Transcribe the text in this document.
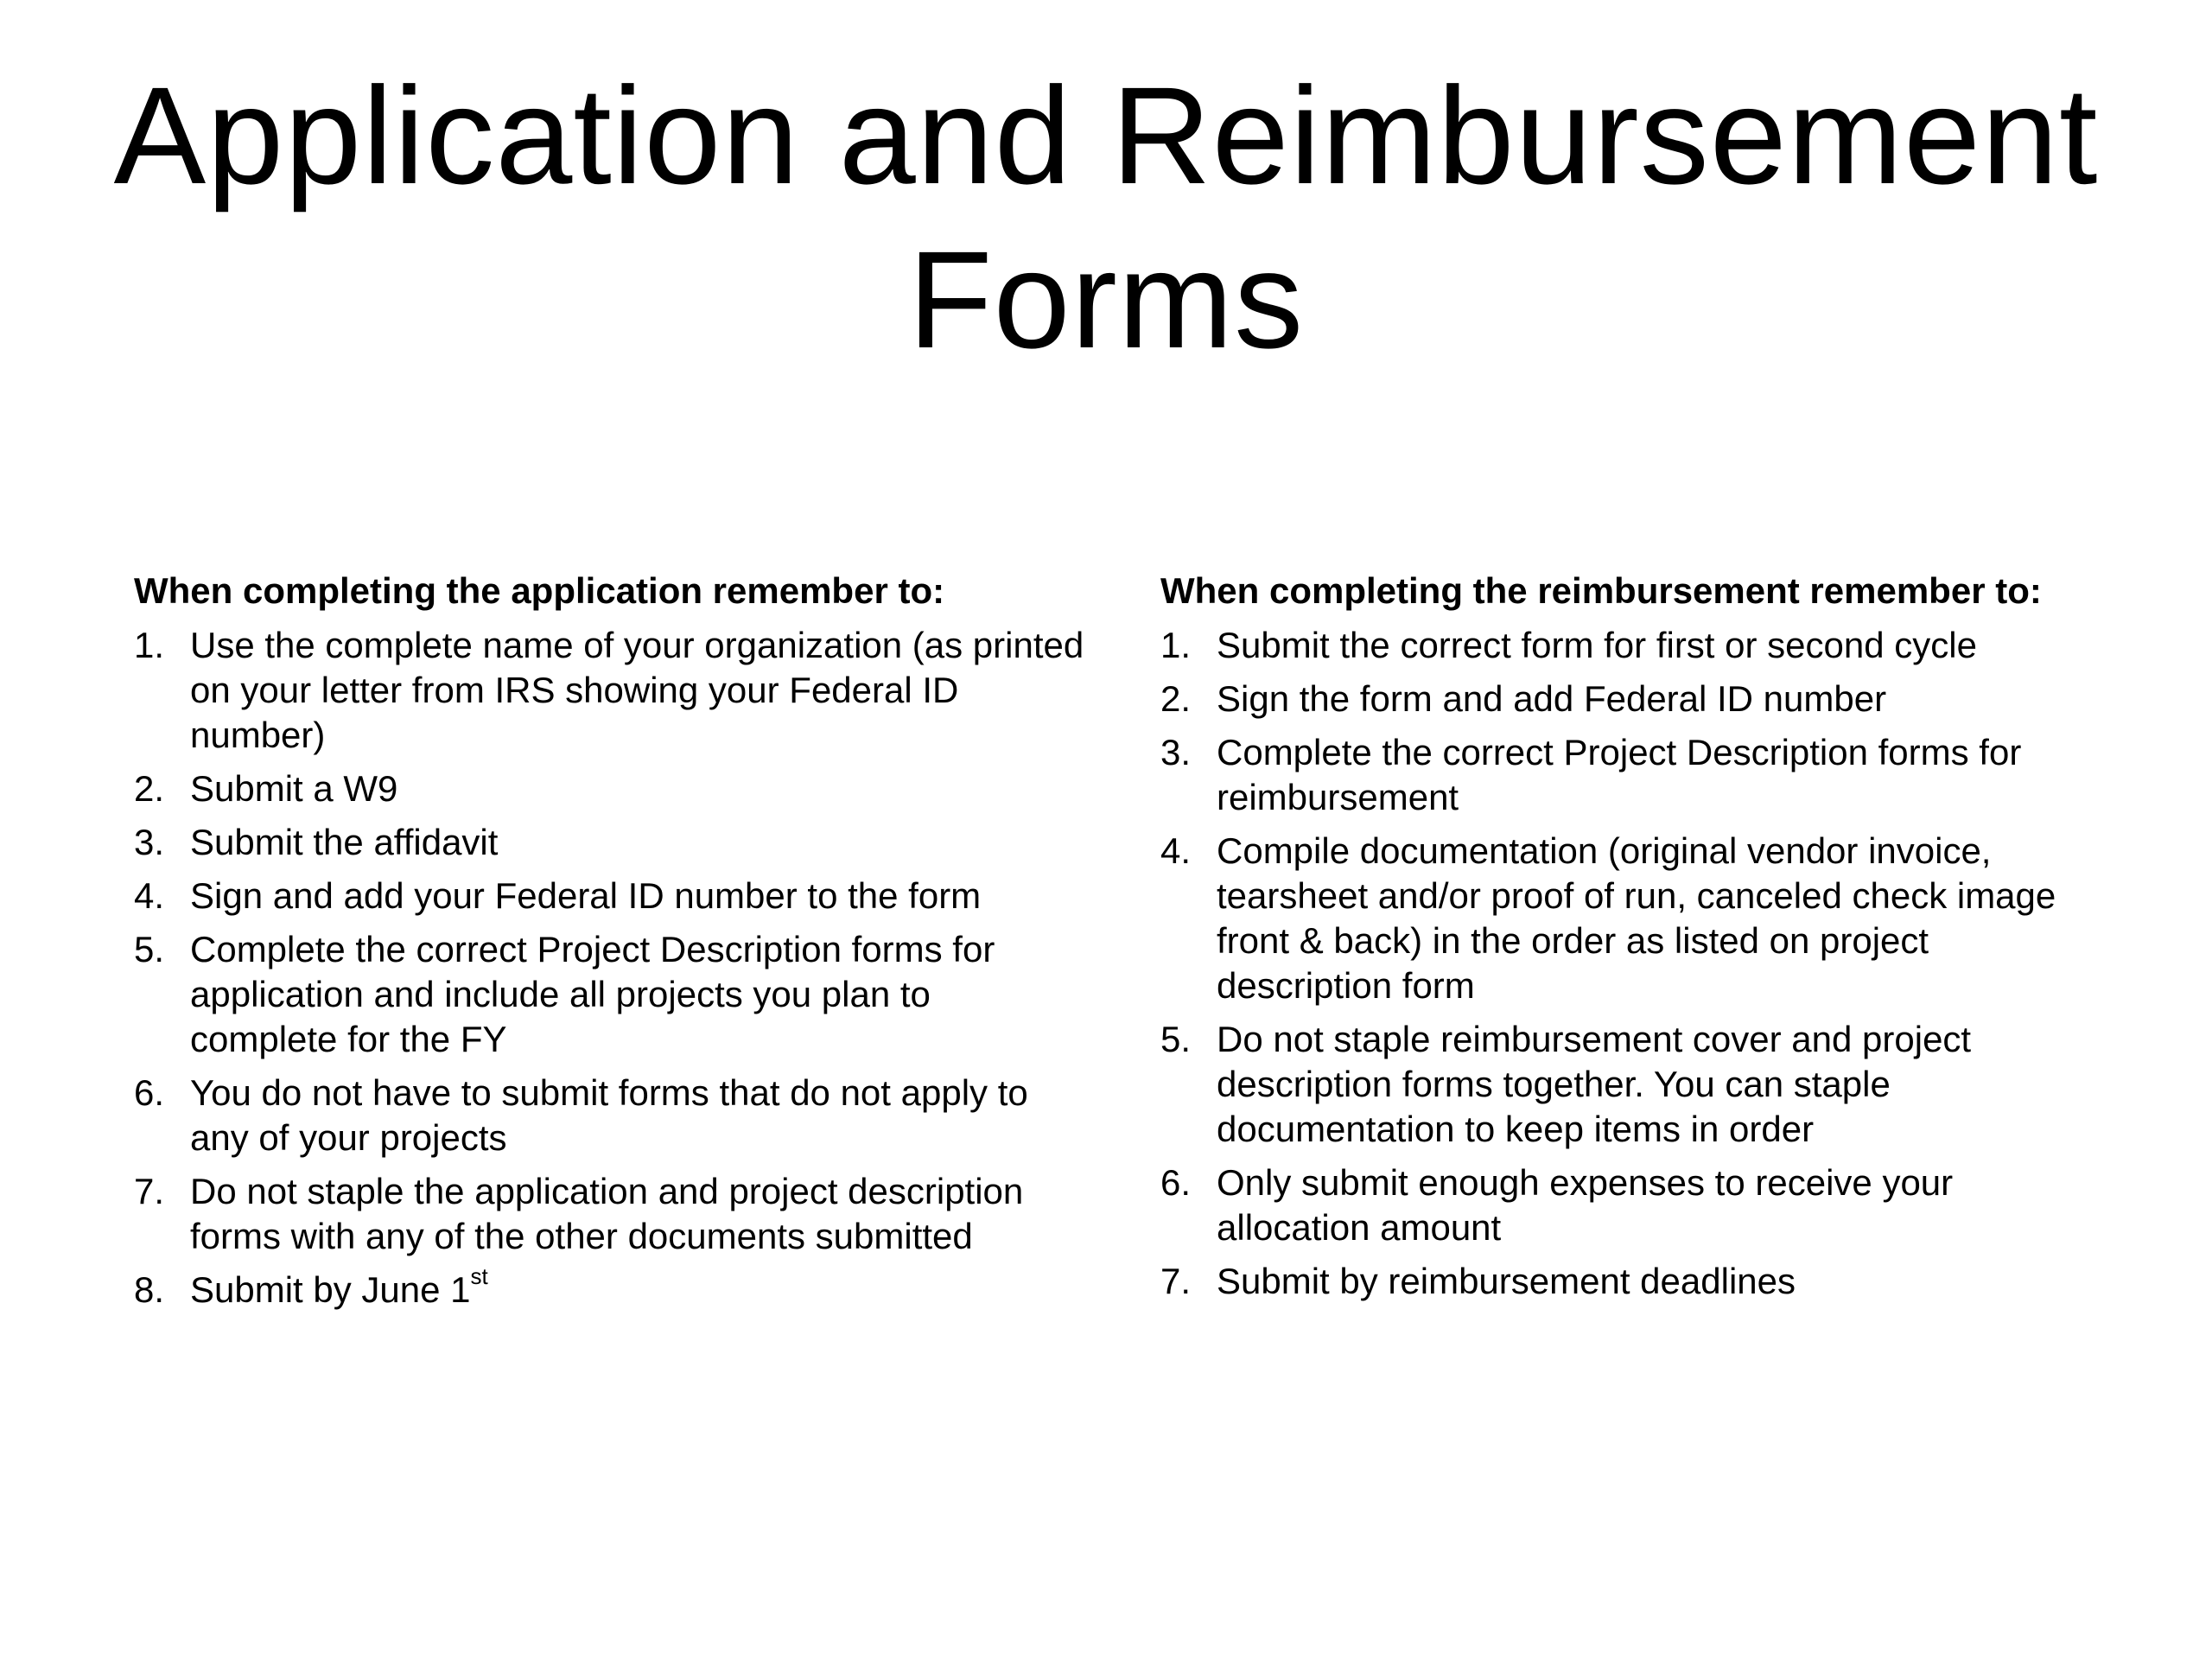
Application and Reimbursement Forms

When completing the application remember to:

1. Use the complete name of your organization (as printed on your letter from IRS showing your Federal ID number)
2. Submit a W9
3. Submit the affidavit
4. Sign and add your Federal ID number to the form
5. Complete the correct Project Description forms for application and include all projects you plan to complete for the FY
6. You do not have to submit forms that do not apply to any of your projects
7. Do not staple the application and project description forms with any of the other documents submitted
8. Submit by June 1st

When completing the reimbursement remember to:

1. Submit the correct form for first or second cycle
2. Sign the form and add Federal ID number
3. Complete the correct Project Description forms for reimbursement
4. Compile documentation (original vendor invoice, tearsheet and/or proof of run, canceled check image front & back) in the order as listed on project description form
5. Do not staple reimbursement cover and project description forms together. You can staple documentation to keep items in order
6. Only submit enough expenses to receive your allocation amount
7. Submit by reimbursement deadlines
